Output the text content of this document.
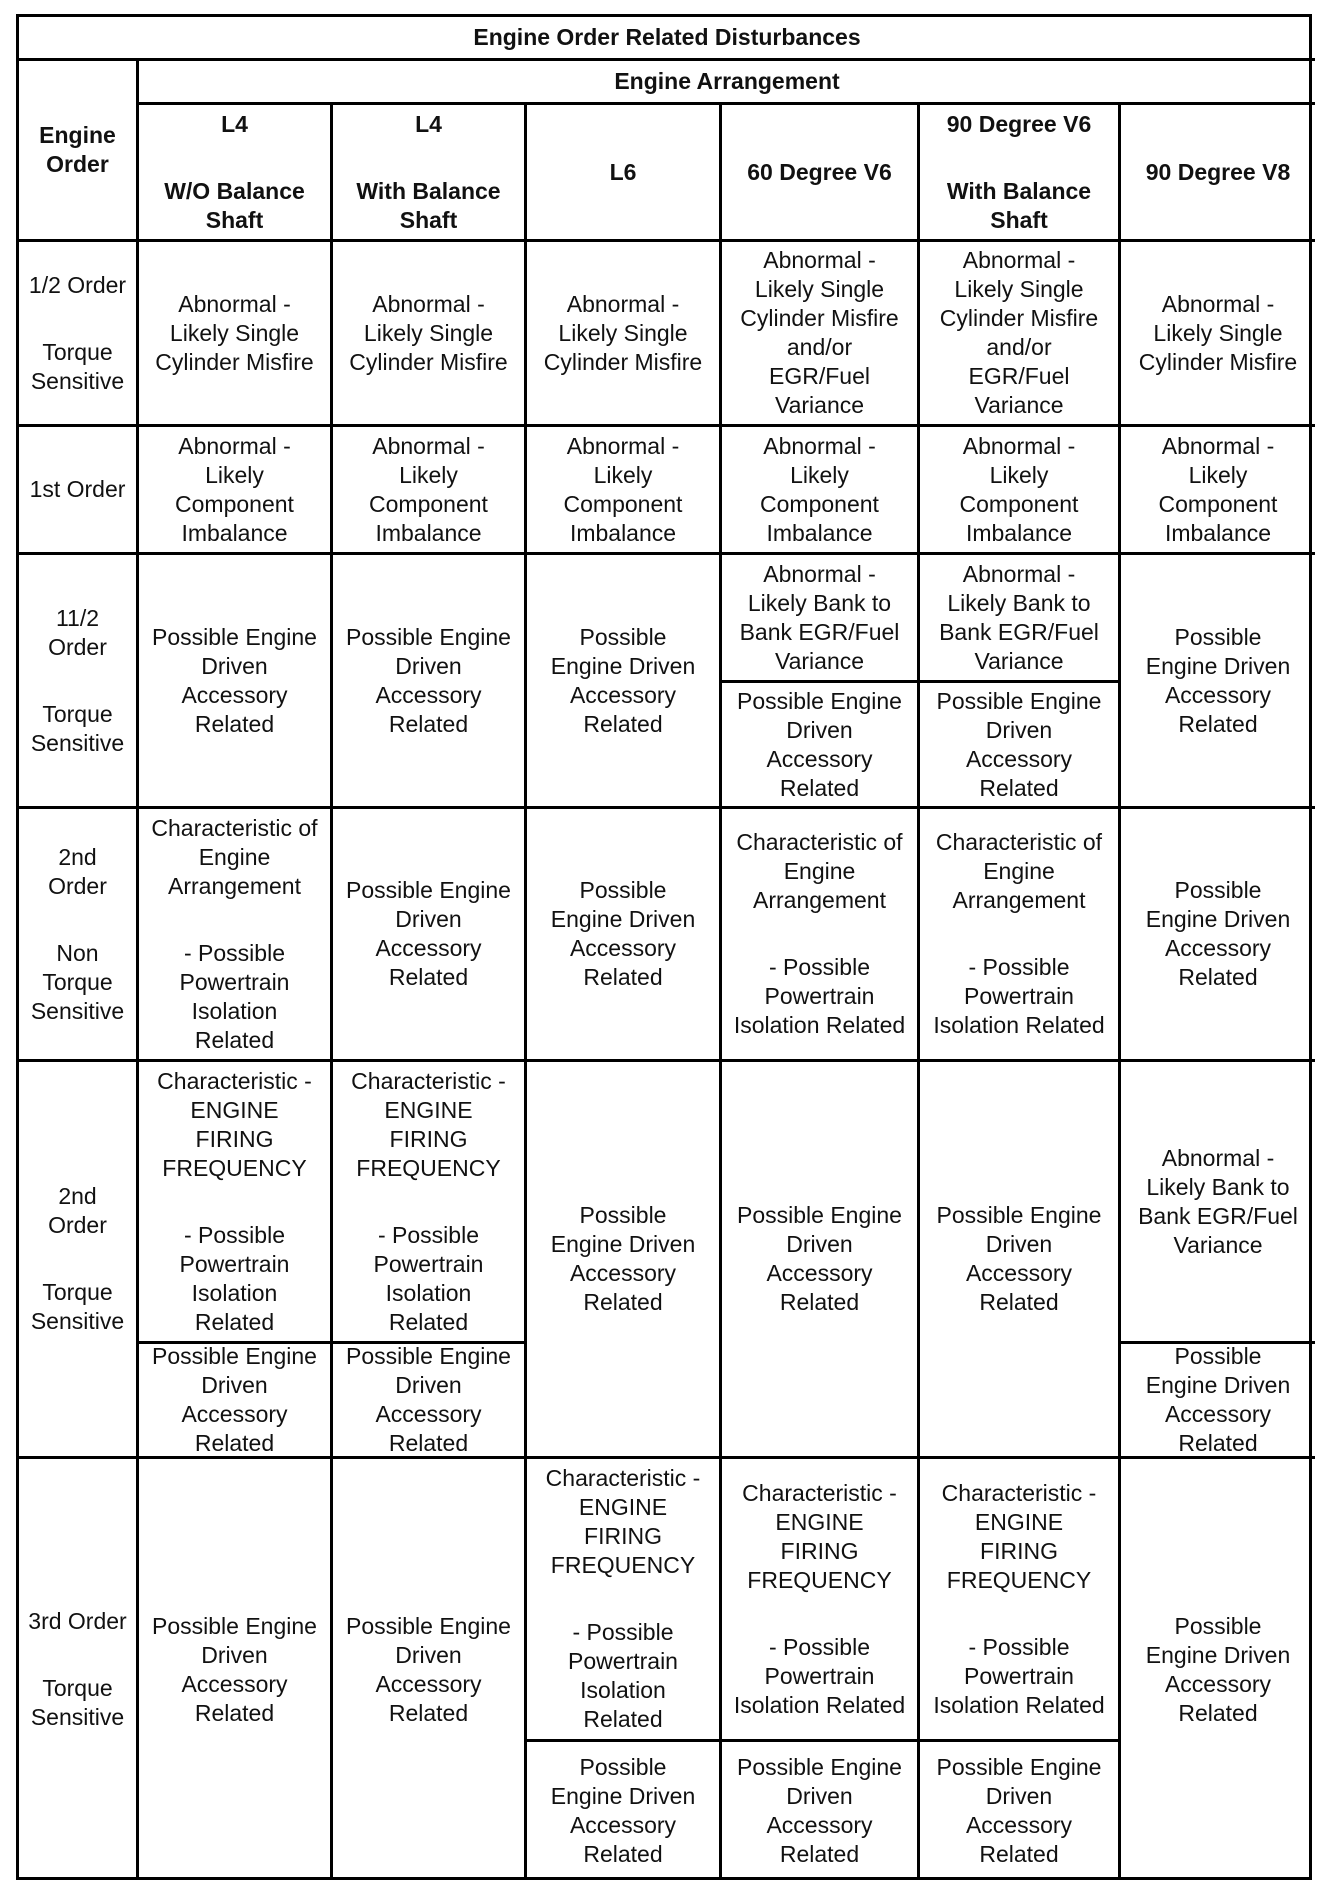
Engine Order Related Disturbances
Engine
Order
Engine Arrangement
L4
W/O Balance
Shaft
L4
With Balance
Shaft
L6	60 Degree V6
90 Degree V6
With Balance
Shaft
90 Degree V8
1/2 Order
Torque
Sensitive
1st Order
11/2
Order
Torque
Sensitive
2nd
Order
Non
Torque
Sensitive
2nd
Order
Torque
Sensitive
3rd Order
Torque
Sensitive
Abnormal -
Likely Single
Cylinder Misfire
Abnormal -
Likely Single
Cylinder Misfire
Abnormal -
Likely Single
Cylinder Misfire
Abnormal -
Likely Single
Cylinder Misfire
and/or
EGR/Fuel
Variance
Abnormal -
Likely Single
Cylinder Misfire
and/or
EGR/Fuel
Variance
Abnormal -
Likely Single
Cylinder Misfire
Abnormal -
Likely
Component
Imbalance
Abnormal -
Likely
Component
Imbalance
Abnormal -
Likely
Component
Imbalance
Abnormal -
Likely
Component
Imbalance
Abnormal -
Likely
Component
Imbalance
Abnormal -
Likely
Component
Imbalance
Possible Engine
Driven
Accessory
Related
Possible Engine
Driven
Accessory
Related
Possible
Engine Driven
Accessory
Related
Abnormal -
Likely Bank to
Bank EGR/Fuel
Variance
Abnormal -
Likely Bank to
Bank EGR/Fuel
Variance
Possible
Engine Driven
Accessory
Related
Possible Engine
Driven
Accessory
Related
Possible Engine
Driven
Accessory
Related
Characteristic of
Engine
Arrangement
- Possible
Powertrain
Isolation
Related
Possible Engine
Driven
Accessory
Related
Possible
Engine Driven
Accessory
Related
Characteristic of
Engine
Arrangement
- Possible
Powertrain
Isolation Related
Characteristic of
Engine
Arrangement
- Possible
Powertrain
Isolation Related
Possible
Engine Driven
Accessory
Related
Characteristic -
ENGINE
FIRING
FREQUENCY
- Possible
Powertrain
Isolation
Related
Characteristic -
ENGINE
FIRING
FREQUENCY
- Possible
Powertrain
Isolation
Related
Possible
Engine Driven
Accessory
Related
Possible Engine
Driven
Accessory
Related
Possible Engine
Driven
Accessory
Related
Abnormal -
Likely Bank to
Bank EGR/Fuel
Variance
Possible Engine
Driven
Accessory
Related
Possible Engine
Driven
Accessory
Related
Possible
Engine Driven
Accessory
Related
Possible Engine
Driven
Accessory
Related
Possible Engine
Driven
Accessory
Related
Characteristic -
ENGINE
FIRING
FREQUENCY
- Possible
Powertrain
Isolation
Related
Characteristic -
ENGINE
FIRING
FREQUENCY
- Possible
Powertrain
Isolation Related
Characteristic -
ENGINE
FIRING
FREQUENCY
- Possible
Powertrain
Isolation Related
Possible
Engine Driven
Accessory
Related
Possible
Engine Driven
Accessory
Related
Possible Engine
Driven
Accessory
Related
Possible Engine
Driven
Accessory
Related
